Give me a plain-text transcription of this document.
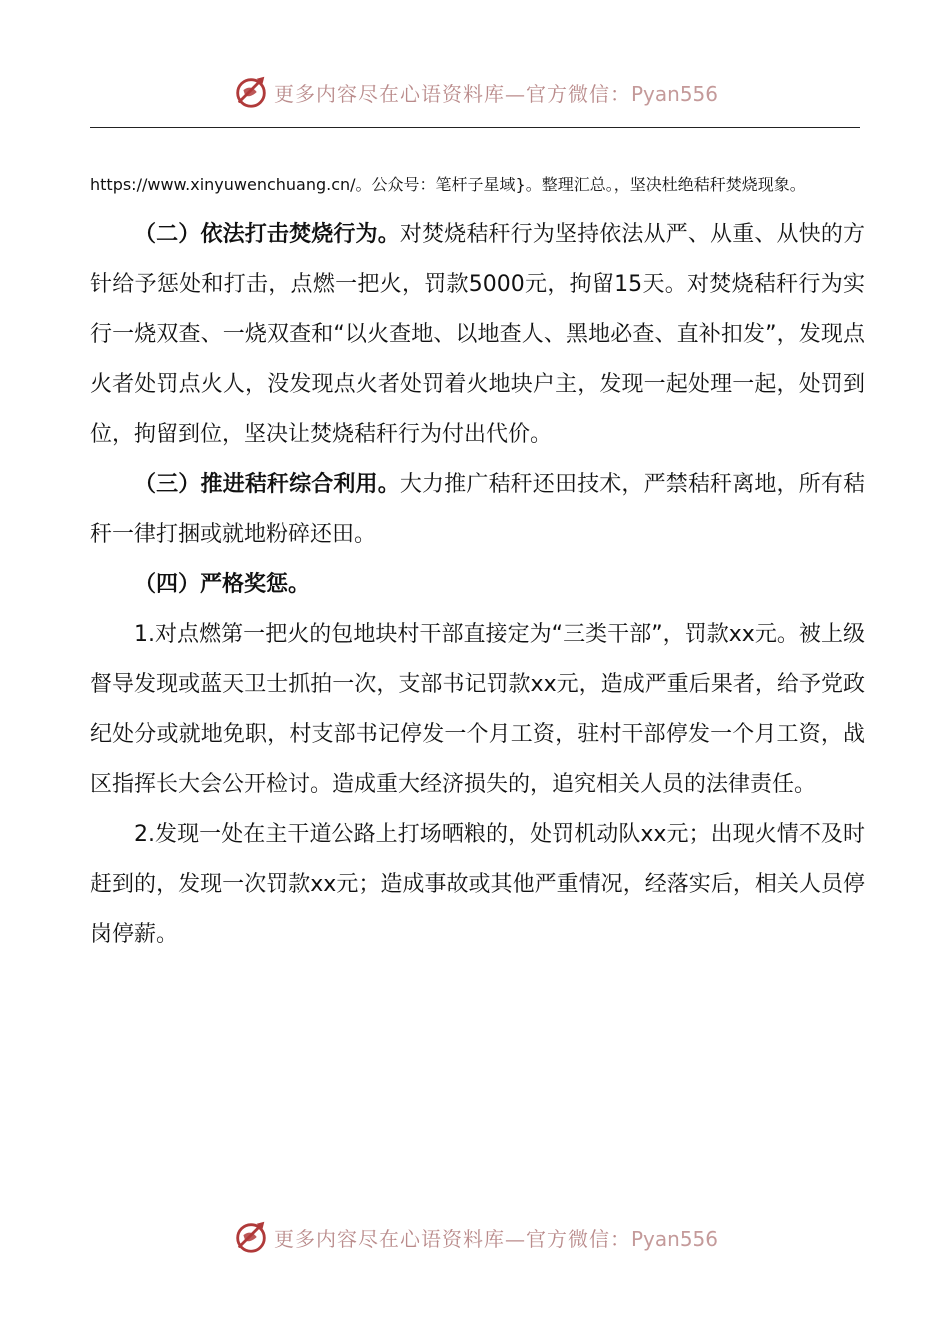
更多内容尽在心语资料库—官方微信：Pyan556

https://www.xinyuwenchuang.cn/。公众号：笔杆子星域}。整理汇总。，坚决杜绝秸秆焚烧现象。

（二）依法打击焚烧行为。对焚烧秸秆行为坚持依法从严、从重、从快的方针给予惩处和打击，点燃一把火，罚款5000元，拘留15天。对焚烧秸秆行为实行一烧双查、一烧双查和“以火查地、以地查人、黑地必查、直补扣发”，发现点火者处罚点火人，没发现点火者处罚着火地块户主，发现一起处理一起，处罚到位，拘留到位，坚决让焚烧秸秆行为付出代价。

（三）推进秸秆综合利用。大力推广秸秆还田技术，严禁秸秆离地，所有秸秆一律打捆或就地粉碎还田。

（四）严格奖惩。

1.对点燃第一把火的包地块村干部直接定为“三类干部”，罚款xx元。被上级督导发现或蓝天卫士抓拍一次，支部书记罚款xx元，造成严重后果者，给予党政纪处分或就地免职，村支部书记停发一个月工资，驻村干部停发一个月工资，战区指挥长大会公开检讨。造成重大经济损失的，追究相关人员的法律责任。

2.发现一处在主干道公路上打场晒粮的，处罚机动队xx元；出现火情不及时赶到的，发现一次罚款xx元；造成事故或其他严重情况，经落实后，相关人员停岗停薪。

更多内容尽在心语资料库—官方微信：Pyan556
